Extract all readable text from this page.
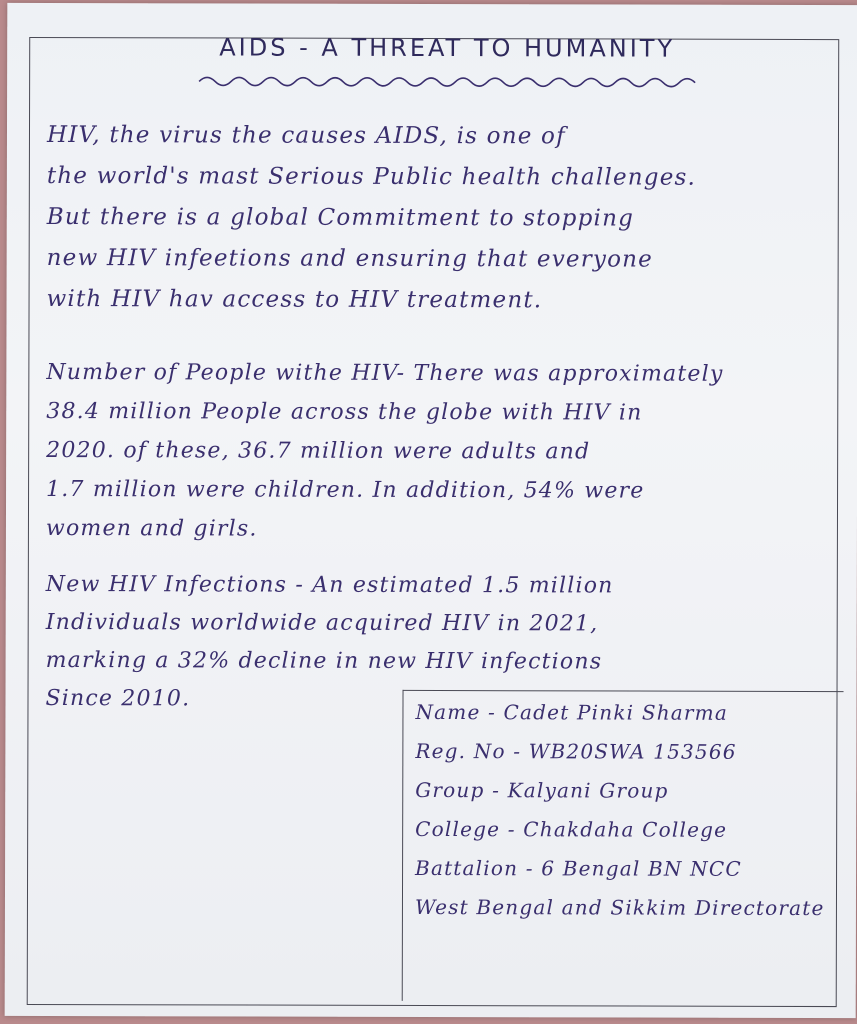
AIDS - A THREAT TO HUMANITY

HIV, the virus the causes AIDS, is one of
the world's mast Serious Public health challenges.
But there is a global Commitment to stopping
new HIV infeetions and ensuring that everyone
with HIV hav access to HIV treatment.

Number of People withe HIV- There was approximately
38.4 million People across the globe with HIV in
2020. of these, 36.7 million were adults and
1.7 million were children. In addition, 54% were
women and girls.

New HIV Infections - An estimated 1.5 million
Individuals worldwide acquired HIV in 2021,
marking a 32% decline in new HIV infections
Since 2010.

Name - Cadet Pinki Sharma
Reg. No - WB20SWA 153566
Group - Kalyani Group
College - Chakdaha College
Battalion - 6 Bengal BN NCC
West Bengal and Sikkim Directorate
